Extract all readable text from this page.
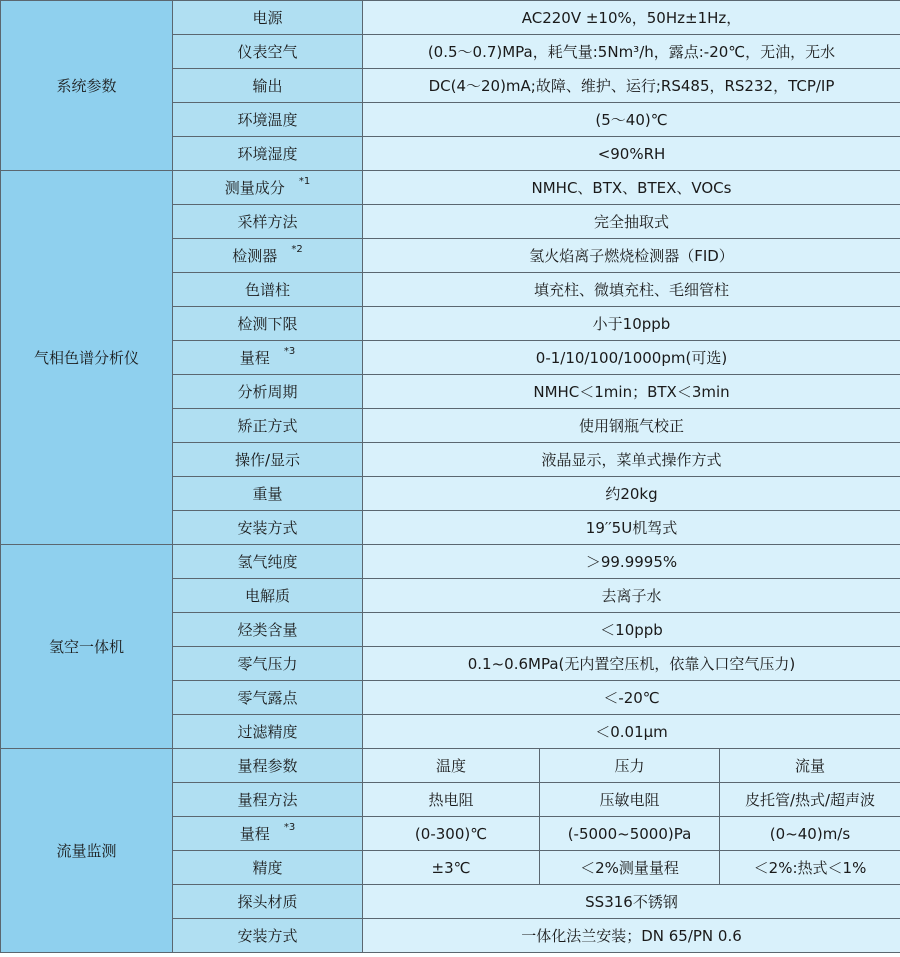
系统参数	电源	AC220V ±10%，50Hz±1Hz，		
	仪表空气	(0.5～0.7)MPa，耗气量:5Nm³/h，露点:-20℃，无油，无水		
	输出	DC(4～20)mA;故障、维护、运行;RS485，RS232，TCP/IP		
	环境温度	(5～40)℃		
	环境湿度	<90%RH		
气相色谱分析仪	测量成分 $^{*1}$	NMHC、BTX、BTEX、VOCs		
	采样方法	完全抽取式		
	检测器 $^{*2}$	氢火焰离子燃烧检测器（FID）		
	色谱柱	填充柱、微填充柱、毛细管柱		
	检测下限	小于10ppb		
	量程 $^{*3}$	0-1/10/100/1000pm(可选)		
	分析周期	NMHC＜1min；BTX＜3min		
	矫正方式	使用钢瓶气校正		
	操作/显示	液晶显示，菜单式操作方式		
	重量	约20kg		
	安装方式	19′′5U机驾式		
氢空一体机	氢气纯度	＞99.9995%		
	电解质	去离子水		
	烃类含量	＜10ppb		
	零气压力	0.1~0.6MPa(无内置空压机，依靠入口空气压力)		
	零气露点	＜-20℃		
	过滤精度	＜0.01μm		
流量监测	量程参数	温度	压力	流量
	量程方法	热电阻	压敏电阻	皮托管/热式/超声波
	量程 $^{*3}$	(0-300)℃	(-5000~5000)Pa	(0~40)m/s
	精度	±3℃	＜2%测量量程	＜2%:热式＜1%
	探头材质	SS316不锈钢		
	安装方式	一体化法兰安装；DN 65/PN 0.6		
